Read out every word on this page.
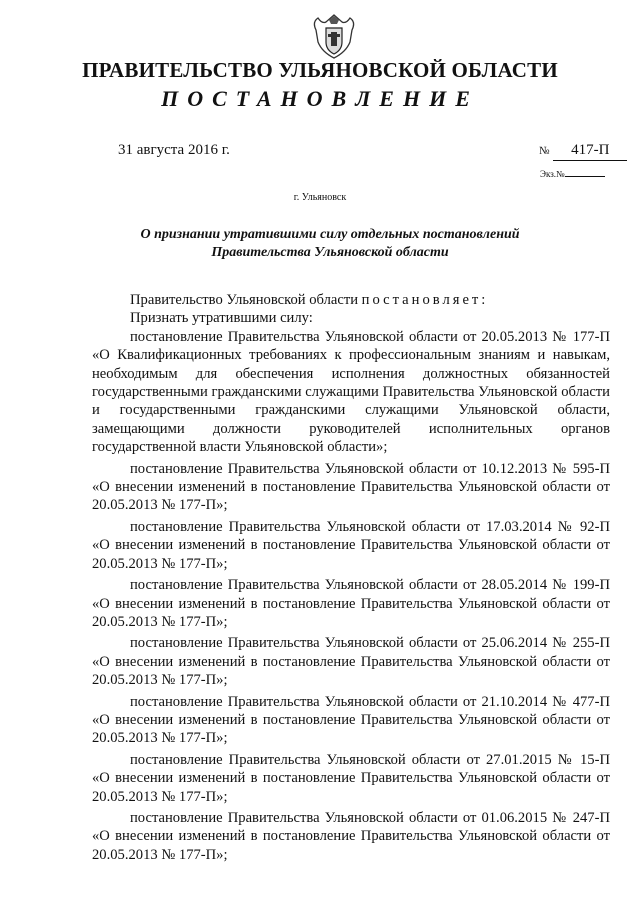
ПРАВИТЕЛЬСТВО УЛЬЯНОВСКОЙ ОБЛАСТИ
ПОСТАНОВЛЕНИЕ
31 августа 2016 г.	№ 417-П
Экз.№
г. Ульяновск
О признании утратившими силу отдельных постановлений
Правительства Ульяновской области

Правительство Ульяновской области постановляет:

Признать утратившими силу:

постановление Правительства Ульяновской области от 20.05.2013 № 177-П «О Квалификационных требованиях к профессиональным знаниям и навыкам, необходимым для обеспечения исполнения должностных обязанностей государственными гражданскими служащими Правительства Ульяновской области и государственными гражданскими служащими Ульяновской области, замещающими должности руководителей исполнительных органов государственной власти Ульяновской области»;

постановление Правительства Ульяновской области от 10.12.2013 № 595-П «О внесении изменений в постановление Правительства Ульяновской области от 20.05.2013 № 177-П»;

постановление Правительства Ульяновской области от 17.03.2014 № 92-П «О внесении изменений в постановление Правительства Ульяновской области от 20.05.2013 № 177-П»;

постановление Правительства Ульяновской области от 28.05.2014 № 199-П «О внесении изменений в постановление Правительства Ульяновской области от 20.05.2013 № 177-П»;

постановление Правительства Ульяновской области от 25.06.2014 № 255-П «О внесении изменений в постановление Правительства Ульяновской области от 20.05.2013 № 177-П»;

постановление Правительства Ульяновской области от 21.10.2014 № 477-П «О внесении изменений в постановление Правительства Ульяновской области от 20.05.2013 № 177-П»;

постановление Правительства Ульяновской области от 27.01.2015 № 15-П «О внесении изменений в постановление Правительства Ульяновской области от 20.05.2013 № 177-П»;

постановление Правительства Ульяновской области от 01.06.2015 № 247-П «О внесении изменений в постановление Правительства Ульяновской области от 20.05.2013 № 177-П»;
